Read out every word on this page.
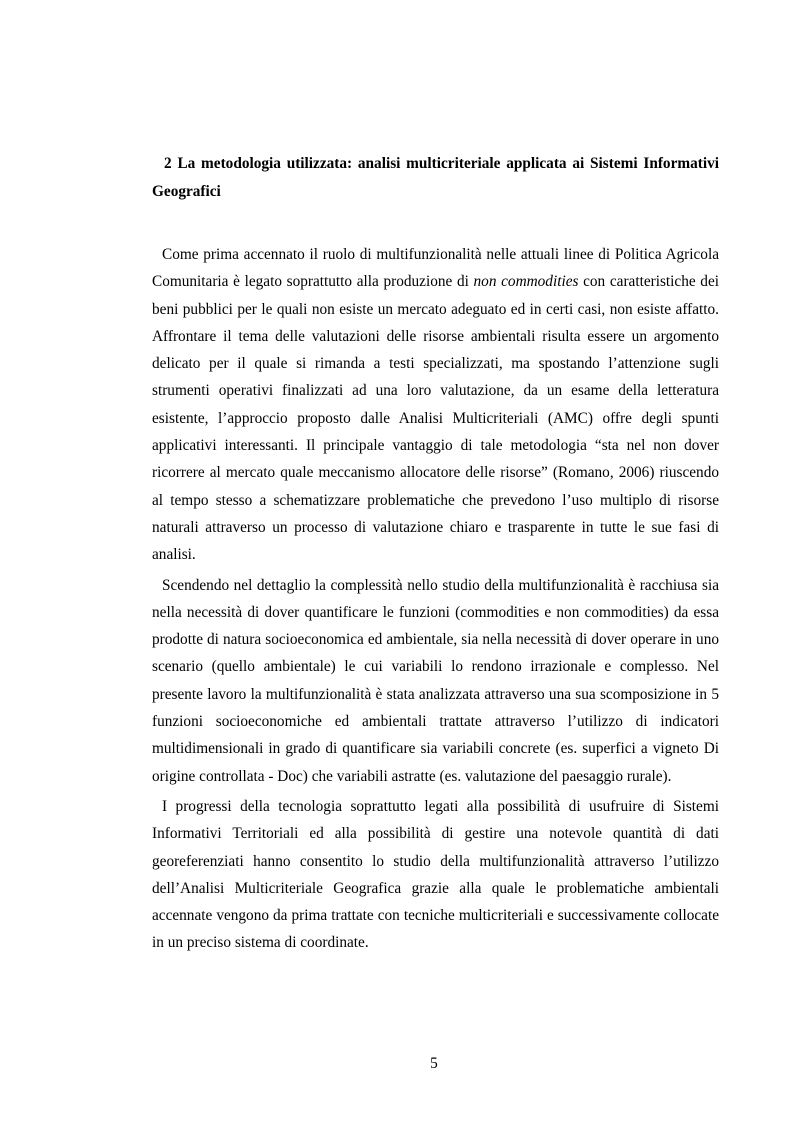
2 La metodologia utilizzata: analisi multicriteriale applicata ai Sistemi Informativi Geografici

Come prima accennato il ruolo di multifunzionalità nelle attuali linee di Politica Agricola Comunitaria è legato soprattutto alla produzione di non commodities con caratteristiche dei beni pubblici per le quali non esiste un mercato adeguato ed in certi casi, non esiste affatto. Affrontare il tema delle valutazioni delle risorse ambientali risulta essere un argomento delicato per il quale si rimanda a testi specializzati, ma spostando l’attenzione sugli strumenti operativi finalizzati ad una loro valutazione, da un esame della letteratura esistente, l’approccio proposto dalle Analisi Multicriteriali (AMC) offre degli spunti applicativi interessanti. Il principale vantaggio di tale metodologia “sta nel non dover ricorrere al mercato quale meccanismo allocatore delle risorse” (Romano, 2006) riuscendo al tempo stesso a schematizzare problematiche che prevedono l’uso multiplo di risorse naturali attraverso un processo di valutazione chiaro e trasparente in tutte le sue fasi di analisi.

Scendendo nel dettaglio la complessità nello studio della multifunzionalità è racchiusa sia nella necessità di dover quantificare le funzioni (commodities e non commodities) da essa prodotte di natura socioeconomica ed ambientale, sia nella necessità di dover operare in uno scenario (quello ambientale) le cui variabili lo rendono irrazionale e complesso. Nel presente lavoro la multifunzionalità è stata analizzata attraverso una sua scomposizione in 5 funzioni socioeconomiche ed ambientali trattate attraverso l’utilizzo di indicatori multidimensionali in grado di quantificare sia variabili concrete (es. superfici a vigneto Di origine controllata - Doc) che variabili astratte (es. valutazione del paesaggio rurale).

I progressi della tecnologia soprattutto legati alla possibilità di usufruire di Sistemi Informativi Territoriali ed alla possibilità di gestire una notevole quantità di dati georeferenziati hanno consentito lo studio della multifunzionalità attraverso l’utilizzo dell’Analisi Multicriteriale Geografica grazie alla quale le problematiche ambientali accennate vengono da prima trattate con tecniche multicriteriali e successivamente collocate in un preciso sistema di coordinate.

5
